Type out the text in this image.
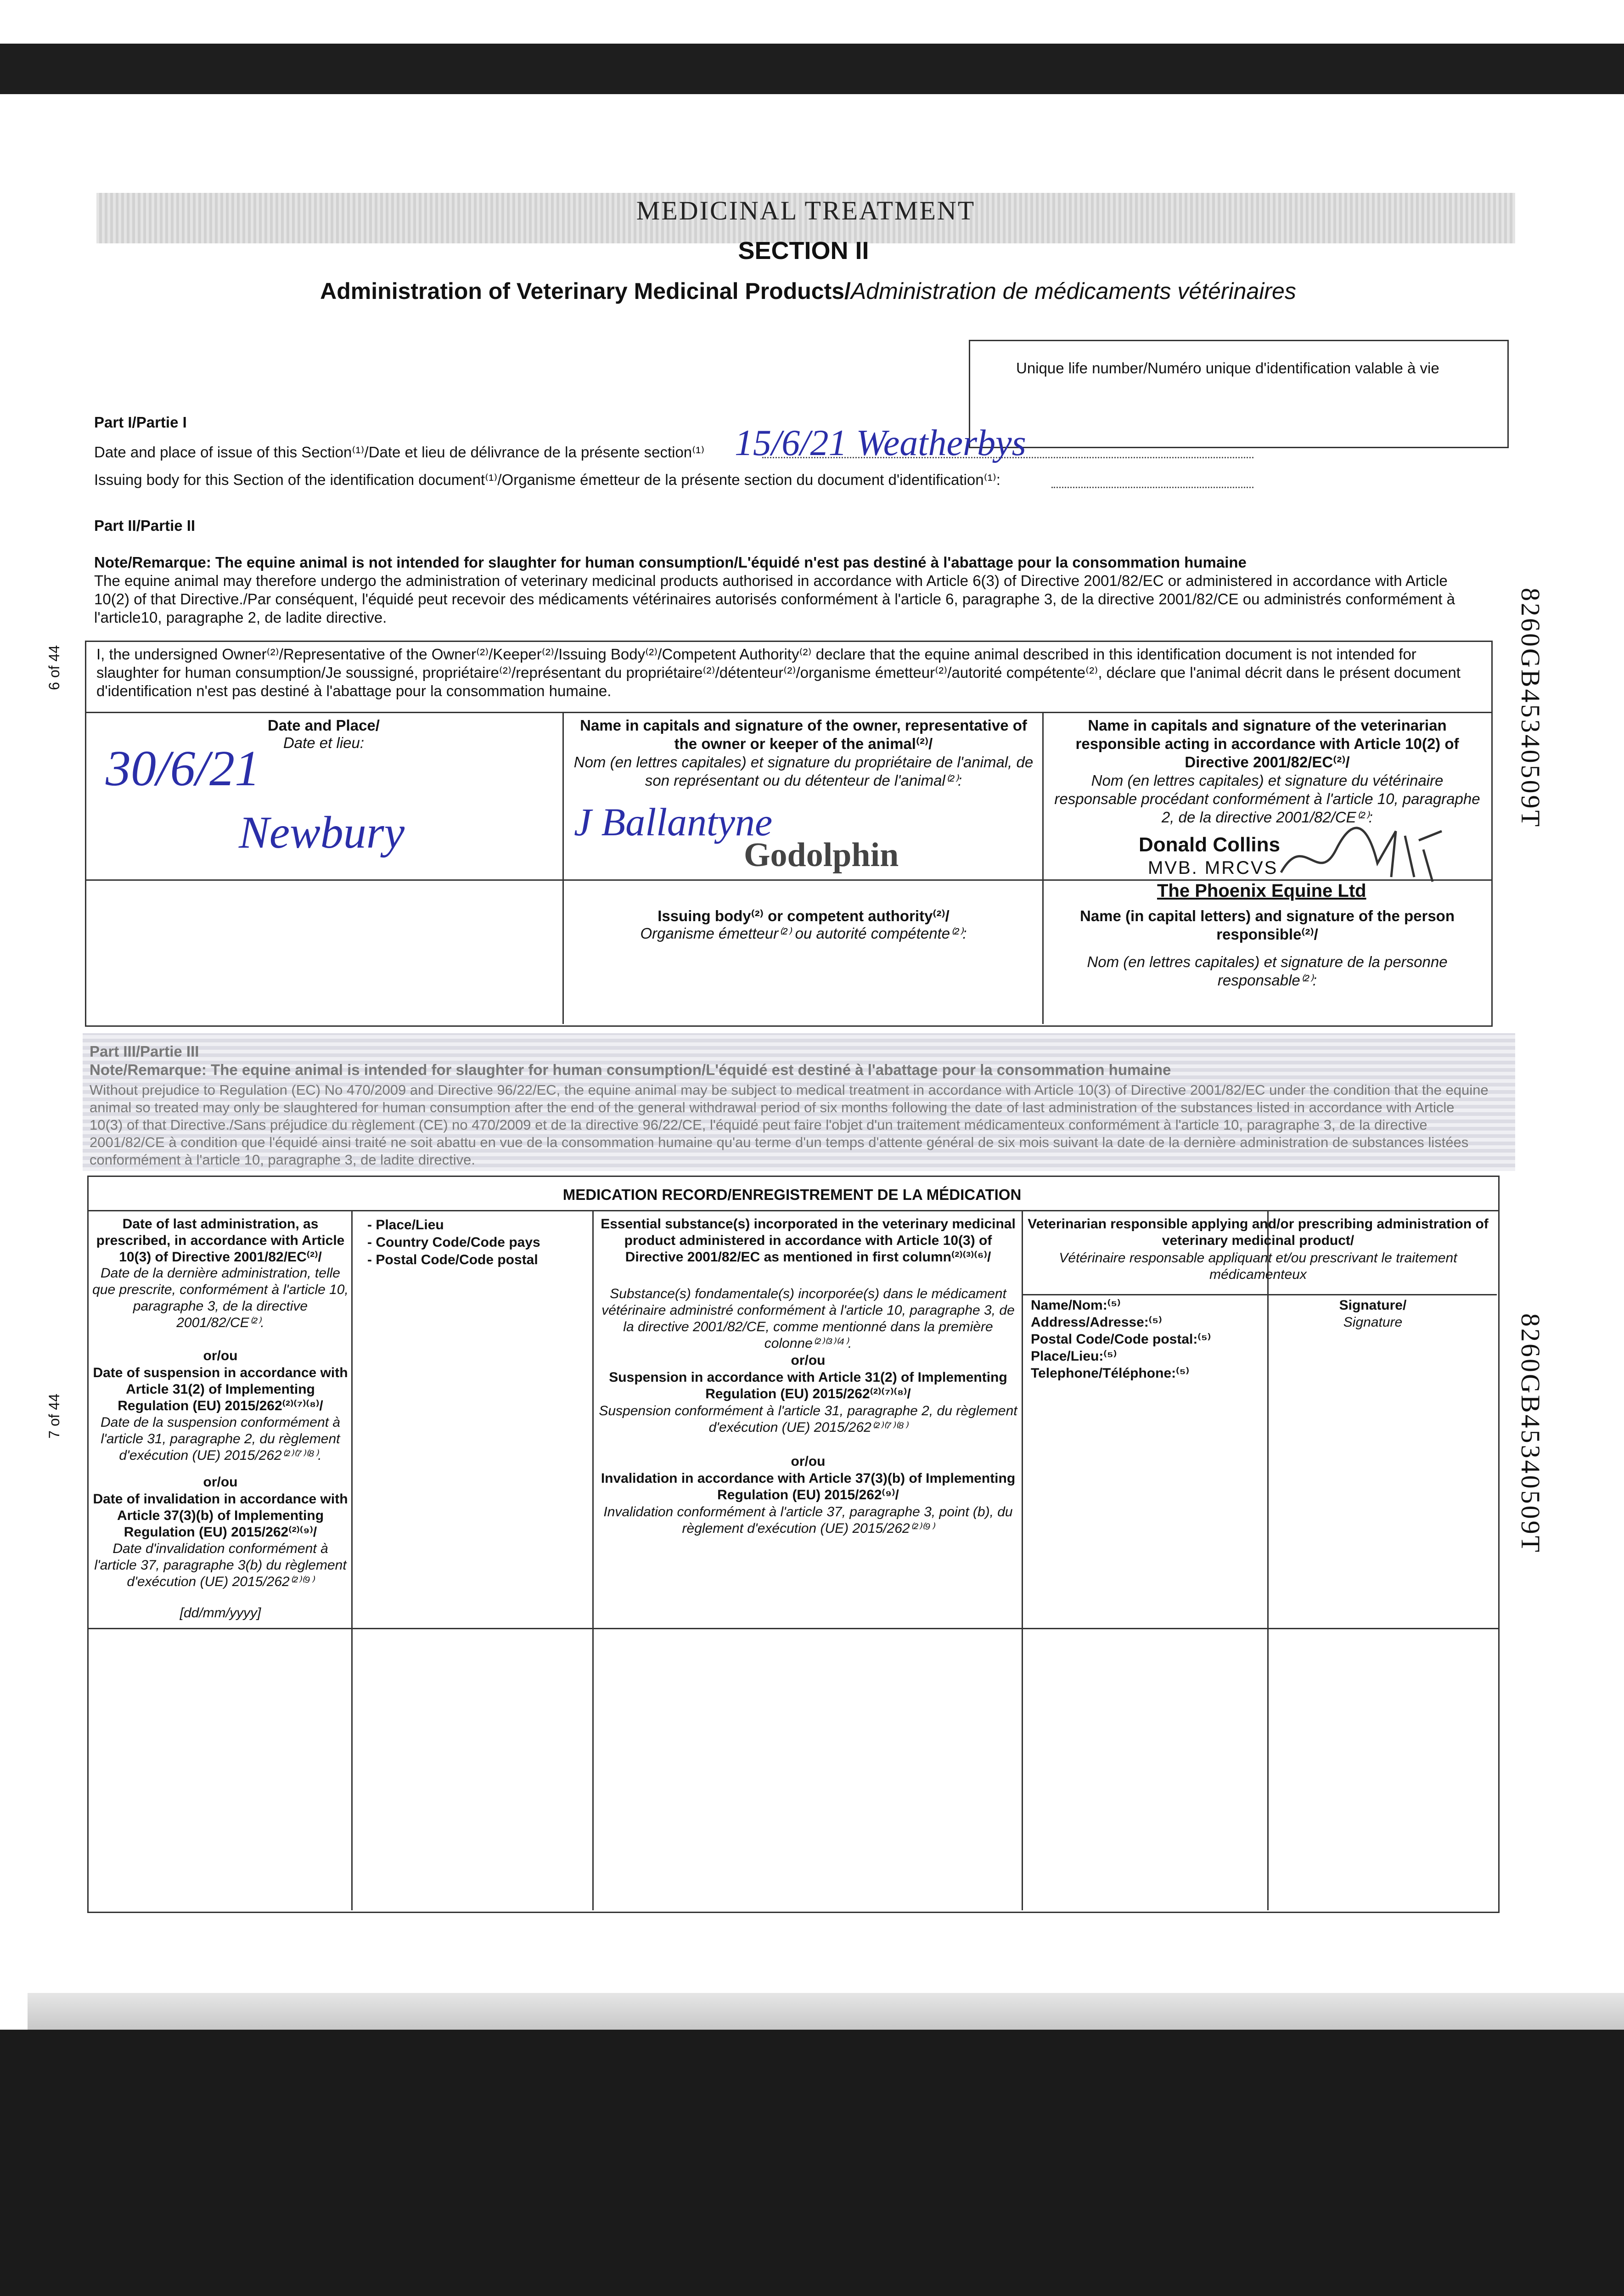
MEDICINAL TREATMENT
SECTION II
Administration of Veterinary Medicinal Products/Administration de médicaments vétérinaires
Unique life number/Numéro unique d'identification valable à vie
Part I/Partie I
Date and place of issue of this Section⁽¹⁾/Date et lieu de délivrance de la présente section⁽¹⁾ 15/6/21 Weatherbys
Issuing body for this Section of the identification document⁽¹⁾/Organisme émetteur de la présente section du document d'identification⁽¹⁾:
Part II/Partie II
Note/Remarque: The equine animal is not intended for slaughter for human consumption/L'équidé n'est pas destiné à l'abattage pour la consommation humaine
The equine animal may therefore undergo the administration of veterinary medicinal products authorised in accordance with Article 6(3) of Directive 2001/82/EC or administered in accordance with Article 10(2) of that Directive./Par conséquent, l'équidé peut recevoir des médicaments vétérinaires autorisés conformément à l'article 6, paragraphe 3, de la directive 2001/82/CE ou administrés conformément à l'article10, paragraphe 2, de ladite directive.
I, the undersigned Owner⁽²⁾/Representative of the Owner⁽²⁾/Keeper⁽²⁾/Issuing Body⁽²⁾/Competent Authority⁽²⁾ declare that the equine animal described in this identification document is not intended for slaughter for human consumption/Je soussigné, propriétaire⁽²⁾/représentant du propriétaire⁽²⁾/détenteur⁽²⁾/organisme émetteur⁽²⁾/autorité compétente⁽²⁾, déclare que l'animal décrit dans le présent document d'identification n'est pas destiné à l'abattage pour la consommation humaine.
Date and Place/
Date et lieu:
30/6/21
Newbury
Name in capitals and signature of the owner, representative of the owner or keeper of the animal⁽²⁾/
Nom (en lettres capitales) et signature du propriétaire de l'animal, de son représentant ou du détenteur de l'animal⁽²⁾:
J Ballantyne
Godolphin
Name in capitals and signature of the veterinarian responsible acting in accordance with Article 10(2) of Directive 2001/82/EC⁽²⁾/
Nom (en lettres capitales) et signature du vétérinaire responsable procédant conformément à l'article 10, paragraphe 2, de la directive 2001/82/CE⁽²⁾:
Donald Collins
MVB. MRCVS
The Phoenix Equine Ltd
Issuing body⁽²⁾ or competent authority⁽²⁾/
Organisme émetteur⁽²⁾ ou autorité compétente⁽²⁾:
Name (in capital letters) and signature of the person responsible⁽²⁾/
Nom (en lettres capitales) et signature de la personne responsable⁽²⁾:
Part III/Partie III
Note/Remarque: The equine animal is intended for slaughter for human consumption/L'équidé est destiné à l'abattage pour la consommation humaine
Without prejudice to Regulation (EC) No 470/2009 and Directive 96/22/EC, the equine animal may be subject to medical treatment in accordance with Article 10(3) of Directive 2001/82/EC under the condition that the equine animal so treated may only be slaughtered for human consumption after the end of the general withdrawal period of six months following the date of last administration of the substances listed in accordance with Article 10(3) of that Directive./Sans préjudice du règlement (CE) no 470/2009 et de la directive 96/22/CE, l'équidé peut faire l'objet d'un traitement médicamenteux conformément à l'article 10, paragraphe 3, de la directive 2001/82/CE à condition que l'équidé ainsi traité ne soit abattu en vue de la consommation humaine qu'au terme d'un temps d'attente général de six mois suivant la date de la dernière administration de substances listées conformément à l'article 10, paragraphe 3, de ladite directive.
MEDICATION RECORD/ENREGISTREMENT DE LA MÉDICATION
Date of last administration, as prescribed, in accordance with Article 10(3) of Directive 2001/82/EC⁽²⁾/
Date de la dernière administration, telle que prescrite, conformément à l'article 10, paragraphe 3, de la directive 2001/82/CE⁽²⁾.
or/ou
Date of suspension in accordance with Article 31(2) of Implementing Regulation (EU) 2015/262⁽²⁾⁽⁷⁾⁽⁸⁾/
Date de la suspension conformément à l'article 31, paragraphe 2, du règlement d'exécution (UE) 2015/262⁽²⁾⁽⁷⁾⁽⁸⁾.
or/ou
Date of invalidation in accordance with Article 37(3)(b) of Implementing Regulation (EU) 2015/262⁽²⁾⁽⁹⁾/
Date d'invalidation conformément à l'article 37, paragraphe 3(b) du règlement d'exécution (UE) 2015/262⁽²⁾⁽⁹⁾
[dd/mm/yyyy]
- Place/Lieu
- Country Code/Code pays
- Postal Code/Code postal
Essential substance(s) incorporated in the veterinary medicinal product administered in accordance with Article 10(3) of Directive 2001/82/EC as mentioned in first column⁽²⁾⁽³⁾⁽⁶⁾/
Substance(s) fondamentale(s) incorporée(s) dans le médicament vétérinaire administré conformément à l'article 10, paragraphe 3, de la directive 2001/82/CE, comme mentionné dans la première colonne⁽²⁾⁽³⁾⁽⁴⁾.
or/ou
Suspension in accordance with Article 31(2) of Implementing Regulation (EU) 2015/262⁽²⁾⁽⁷⁾⁽⁸⁾/
Suspension conformément à l'article 31, paragraphe 2, du règlement d'exécution (UE) 2015/262⁽²⁾⁽⁷⁾⁽⁸⁾
or/ou
Invalidation in accordance with Article 37(3)(b) of Implementing Regulation (EU) 2015/262⁽⁹⁾/
Invalidation conformément à l'article 37, paragraphe 3, point (b), du règlement d'exécution (UE) 2015/262⁽²⁾⁽⁹⁾
Veterinarian responsible applying and/or prescribing administration of veterinary medicinal product/
Vétérinaire responsable appliquant et/ou prescrivant le traitement médicamenteux
Name/Nom:⁽⁵⁾
Address/Adresse:⁽⁵⁾
Postal Code/Code postal:⁽⁵⁾
Place/Lieu:⁽⁵⁾
Telephone/Téléphone:⁽⁵⁾
Signature/
Signature
8260GB45340509T
8260GB45340509T
6 of 44
7 of 44
